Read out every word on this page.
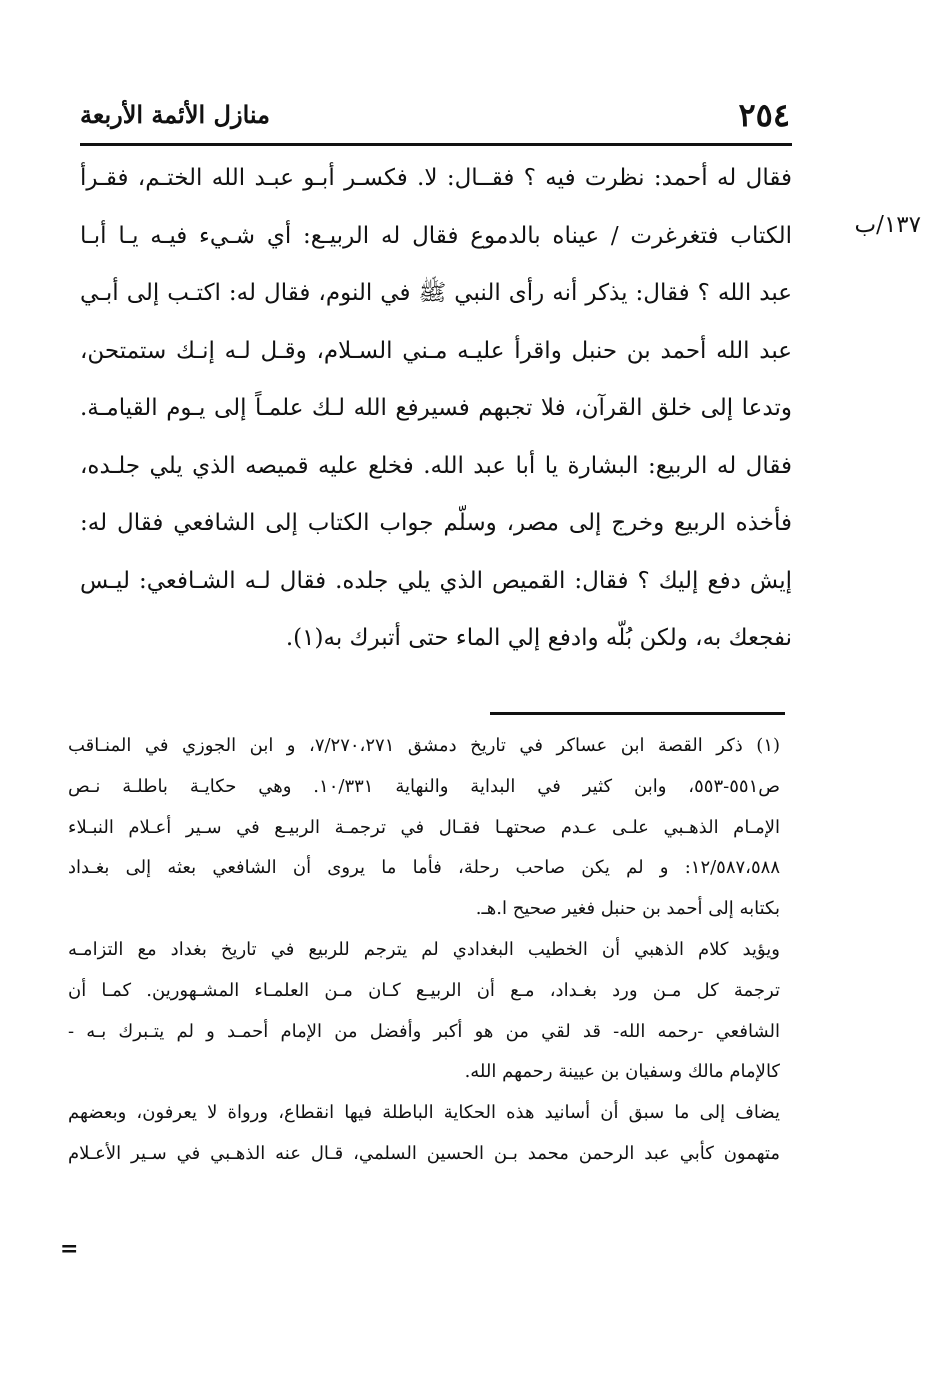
٢٥٤
منازل الأئمة الأربعة
١٣٧/ب
فقال له أحمد: نظرت فيه ؟ فقــال: لا. فكسـر أبـو عبـد الله الختـم، فقـرأ
الكتاب فتغرغرت / عيناه بالدموع فقال له الربيـع: أي شـيء فيـه يـا أبـا
عبد الله ؟ فقال: يذكر أنه رأى النبي ﷺ في النوم، فقال له: اكتـب إلى أبـي
عبد الله أحمد بن حنبل واقرأ عليـه مـني السـلام، وقـل لـه إنـك ستمتحن،
وتدعا إلى خلق القرآن، فلا تجبهم فسيرفع الله لـك علمـاً إلى يـوم القيامـة.
فقال له الربيع: البشارة يا أبا عبد الله. فخلع عليه قميصه الذي يلي جلـده،
فأخذه الربيع وخرج إلى مصر، وسلّم جواب الكتاب إلى الشافعي فقال له:
إيش دفع إليك ؟ فقال: القميص الذي يلي جلده. فقال لـه الشـافعي: ليـس
نفجعك به، ولكن بُلّه وادفع إلي الماء حتى أتبرك به(١).
(١) ذكر القصة ابن عساكر في تاريخ دمشق ٧/٢٧٠،٢٧١، و ابن الجوزي في المنـاقب
ص٥٥١-٥٥٣، وابن كثير في البداية والنهاية ١٠/٣٣١. وهي حكايـة باطلـة نـص
الإمـام الذهـبي علـى عـدم صحتهـا فقـال في ترجمـة الربيـع في سـير أعـلام النبـلاء
١٢/٥٨٧،٥٨٨: و لم يكن صاحب رحلة، فأما ما يروى أن الشافعي بعثه إلى بغـداد
بكتابه إلى أحمد بن حنبل فغير صحيح ا.هـ.
ويؤيد كلام الذهبي أن الخطيب البغدادي لم يترجم للربيع في تاريخ بغداد مع التزامـه
ترجمة كل مـن ورد بغـداد، مـع أن الربيـع كـان مـن العلمـاء المشـهورين. كمـا أن
الشافعي -رحمه الله- قد لقي من هو أكبر وأفضل من الإمام أحمـد و لم يتـبرك بـه -
كالإمام مالك وسفيان بن عيينة رحمهم الله.
يضاف إلى ما سبق أن أسانيد هذه الحكاية الباطلة فيها انقطاع، ورواة لا يعرفون، وبعضهم
متهمون كأبي عبد الرحمن محمد بـن الحسين السلمي، قـال عنه الذهـبي في سـير الأعـلام
=
